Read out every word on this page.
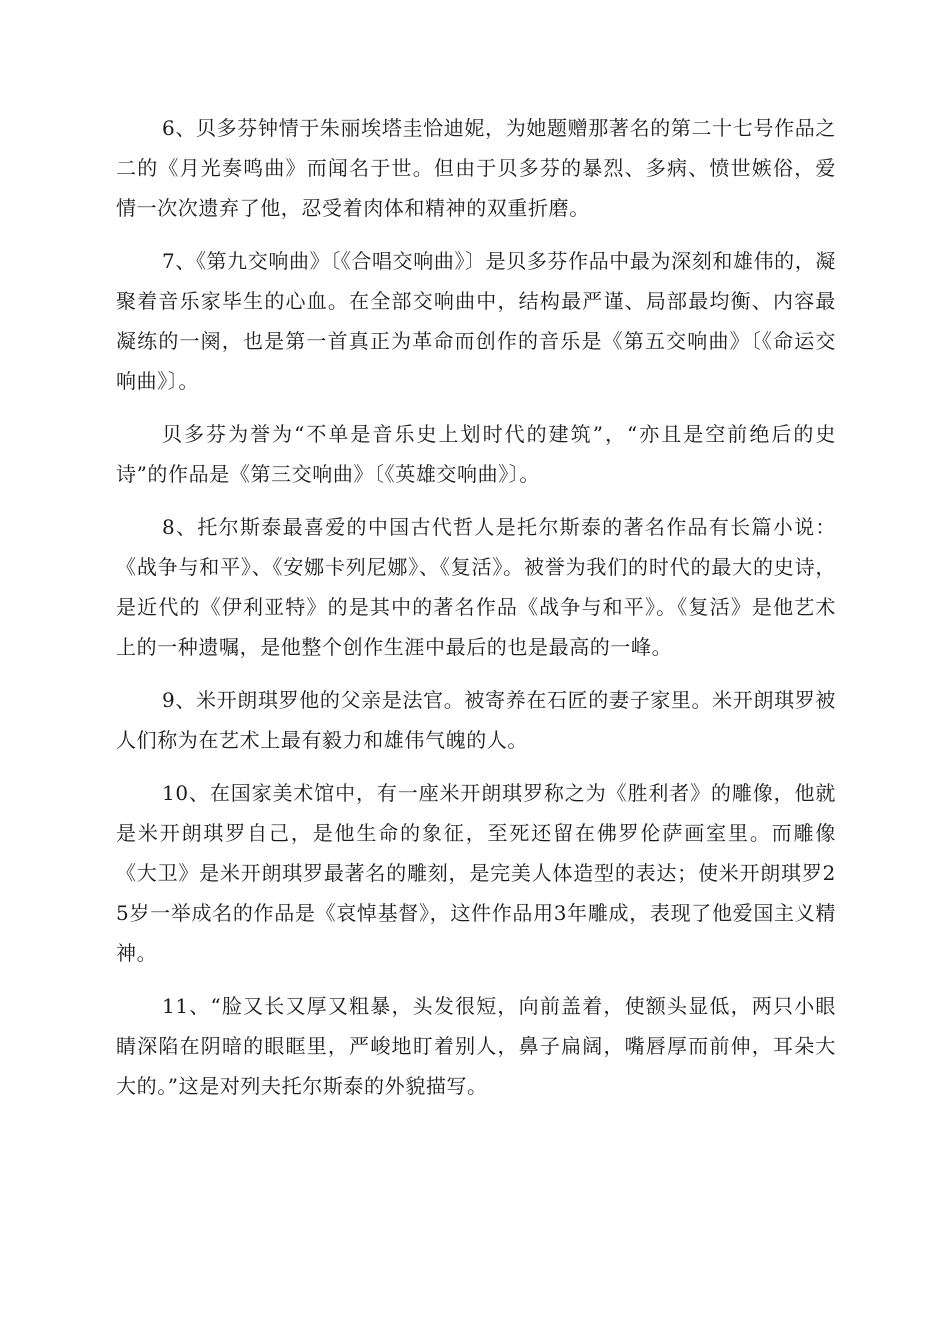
6、贝多芬钟情于朱丽埃塔圭恰迪妮，为她题赠那著名的第二十七号作品之二的《月光奏鸣曲》而闻名于世。但由于贝多芬的暴烈、多病、愤世嫉俗，爱情一次次遗弃了他，忍受着肉体和精神的双重折磨。

7、《第九交响曲》〔《合唱交响曲》〕是贝多芬作品中最为深刻和雄伟的，凝聚着音乐家毕生的心血。在全部交响曲中，结构最严谨、局部最均衡、内容最凝练的一阕，也是第一首真正为革命而创作的音乐是《第五交响曲》〔《命运交响曲》〕。

贝多芬为誉为“不单是音乐史上划时代的建筑”，“亦且是空前绝后的史诗”的作品是《第三交响曲》〔《英雄交响曲》〕。

8、托尔斯泰最喜爱的中国古代哲人是托尔斯泰的著名作品有长篇小说：《战争与和平》、《安娜卡列尼娜》、《复活》。被誉为我们的时代的最大的史诗，是近代的《伊利亚特》的是其中的著名作品《战争与和平》。《复活》是他艺术上的一种遗嘱，是他整个创作生涯中最后的也是最高的一峰。

9、米开朗琪罗他的父亲是法官。被寄养在石匠的妻子家里。米开朗琪罗被人们称为在艺术上最有毅力和雄伟气魄的人。

10、在国家美术馆中，有一座米开朗琪罗称之为《胜利者》的雕像，他就是米开朗琪罗自己，是他生命的象征，至死还留在佛罗伦萨画室里。而雕像《大卫》是米开朗琪罗最著名的雕刻，是完美人体造型的表达；使米开朗琪罗25岁一举成名的作品是《哀悼基督》，这件作品用3年雕成，表现了他爱国主义精神。

11、“脸又长又厚又粗暴，头发很短，向前盖着，使额头显低，两只小眼睛深陷在阴暗的眼眶里，严峻地盯着别人，鼻子扁阔，嘴唇厚而前伸，耳朵大大的。”这是对列夫托尔斯泰的外貌描写。
